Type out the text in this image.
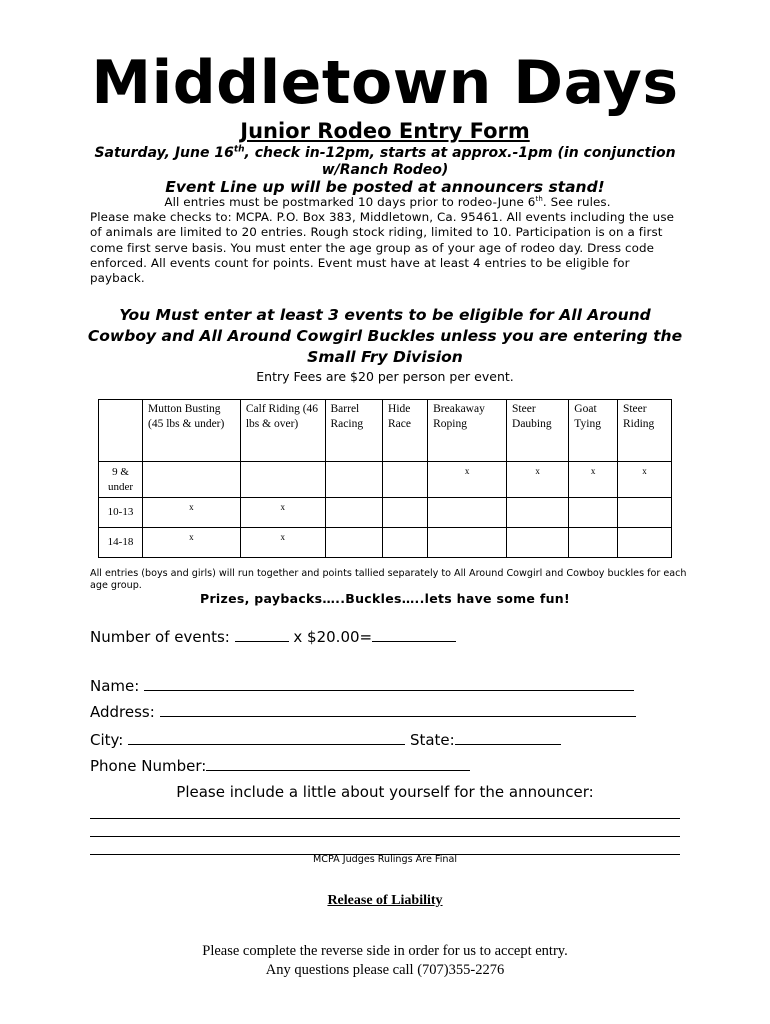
Middletown Days
Junior Rodeo Entry Form
Saturday, June 16th, check in-12pm, starts at approx.-1pm (in conjunction w/Ranch Rodeo)
Event Line up will be posted at announcers stand!
All entries must be postmarked 10 days prior to rodeo-June 6th. See rules.
Please make checks to: MCPA. P.O. Box 383, Middletown, Ca. 95461. All events including the use of animals are limited to 20 entries. Rough stock riding, limited to 10. Participation is on a first come first serve basis. You must enter the age group as of your age of rodeo day. Dress code enforced. All events count for points. Event must have at least 4 entries to be eligible for payback.
You Must enter at least 3 events to be eligible for All Around Cowboy and All Around Cowgirl Buckles unless you are entering the Small Fry Division
Entry Fees are $20 per person per event.
	Mutton Busting (45 lbs & under)	Calf Riding (46 lbs & over)	Barrel Racing	Hide Race	Breakaway Roping	Steer Daubing	Goat Tying	Steer Riding
9 & under					x	x	x	x
10-13	x	x						
14-18	x	x						
All entries (boys and girls) will run together and points tallied separately to All Around Cowgirl and Cowboy buckles for each age group.
Prizes, paybacks…..Buckles…..lets have some fun!
Number of events:	x $20.00=
Name:
Address:
City:	State:
Phone Number:
Please include a little about yourself for the announcer:
MCPA Judges Rulings Are Final
Release of Liability
Please complete the reverse side in order for us to accept entry.
Any questions please call (707)355-2276
